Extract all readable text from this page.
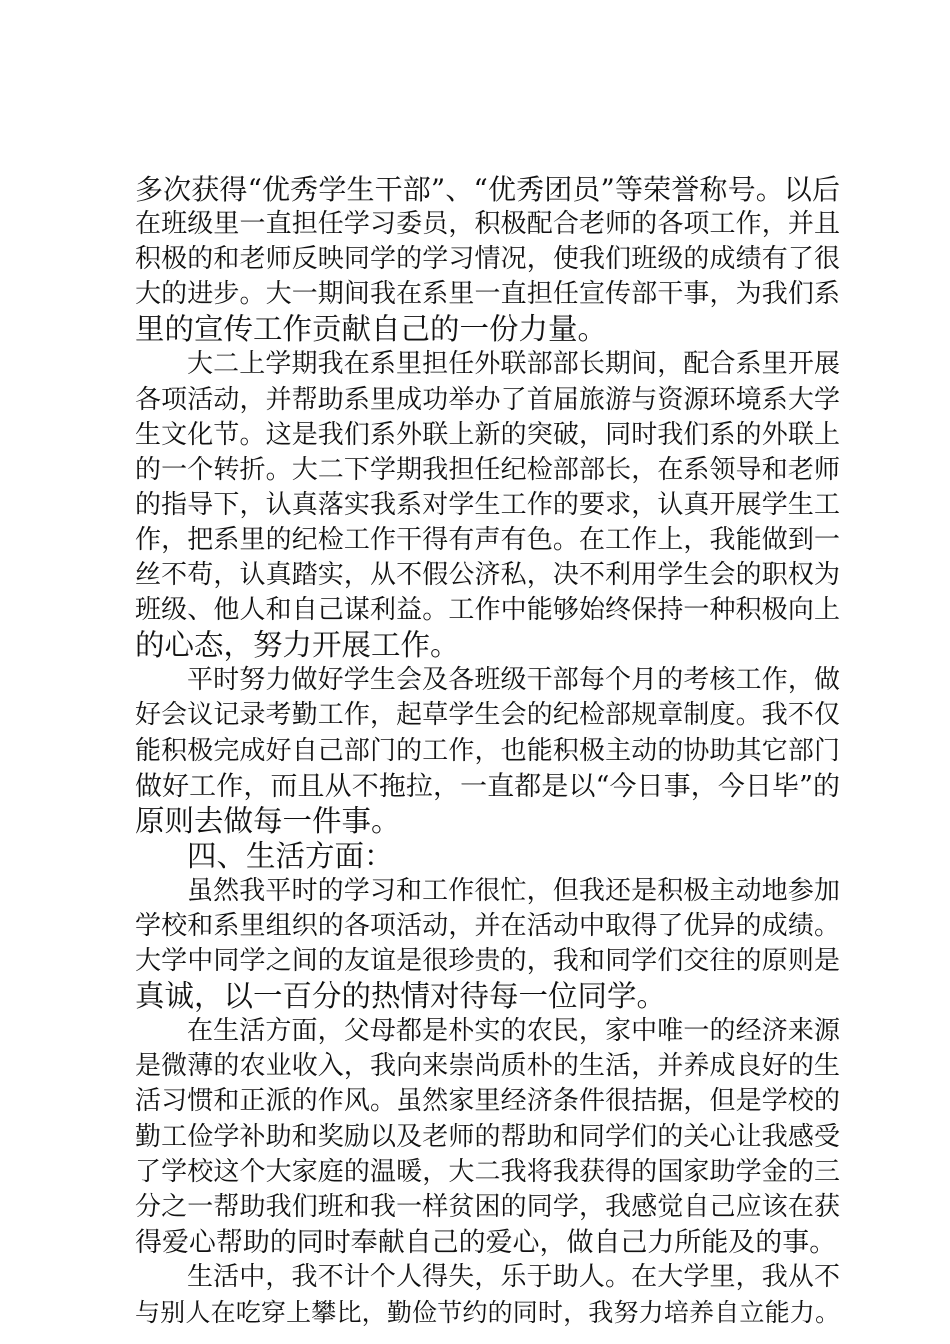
多次获得“优秀学生干部”、“优秀团员”等荣誉称号。以后
在班级里一直担任学习委员，积极配合老师的各项工作，并且
积极的和老师反映同学的学习情况，使我们班级的成绩有了很
大的进步。大一期间我在系里一直担任宣传部干事，为我们系
里的宣传工作贡献自己的一份力量。
大二上学期我在系里担任外联部部长期间，配合系里开展
各项活动，并帮助系里成功举办了首届旅游与资源环境系大学
生文化节。这是我们系外联上新的突破，同时我们系的外联上
的一个转折。大二下学期我担任纪检部部长，在系领导和老师
的指导下，认真落实我系对学生工作的要求，认真开展学生工
作，把系里的纪检工作干得有声有色。在工作上，我能做到一
丝不苟，认真踏实，从不假公济私，决不利用学生会的职权为
班级、他人和自己谋利益。工作中能够始终保持一种积极向上
的心态，努力开展工作。
平时努力做好学生会及各班级干部每个月的考核工作，做
好会议记录考勤工作，起草学生会的纪检部规章制度。我不仅
能积极完成好自己部门的工作，也能积极主动的协助其它部门
做好工作，而且从不拖拉，一直都是以“今日事，今日毕”的
原则去做每一件事。
四、生活方面：
虽然我平时的学习和工作很忙，但我还是积极主动地参加
学校和系里组织的各项活动，并在活动中取得了优异的成绩。
大学中同学之间的友谊是很珍贵的，我和同学们交往的原则是
真诚，以一百分的热情对待每一位同学。
在生活方面，父母都是朴实的农民，家中唯一的经济来源
是微薄的农业收入，我向来崇尚质朴的生活，并养成良好的生
活习惯和正派的作风。虽然家里经济条件很拮据，但是学校的
勤工俭学补助和奖励以及老师的帮助和同学们的关心让我感受
了学校这个大家庭的温暖，大二我将我获得的国家助学金的三
分之一帮助我们班和我一样贫困的同学，我感觉自己应该在获
得爱心帮助的同时奉献自己的爱心，做自己力所能及的事。
生活中，我不计个人得失，乐于助人。在大学里，我从不
与别人在吃穿上攀比，勤俭节约的同时，我努力培养自立能力。
